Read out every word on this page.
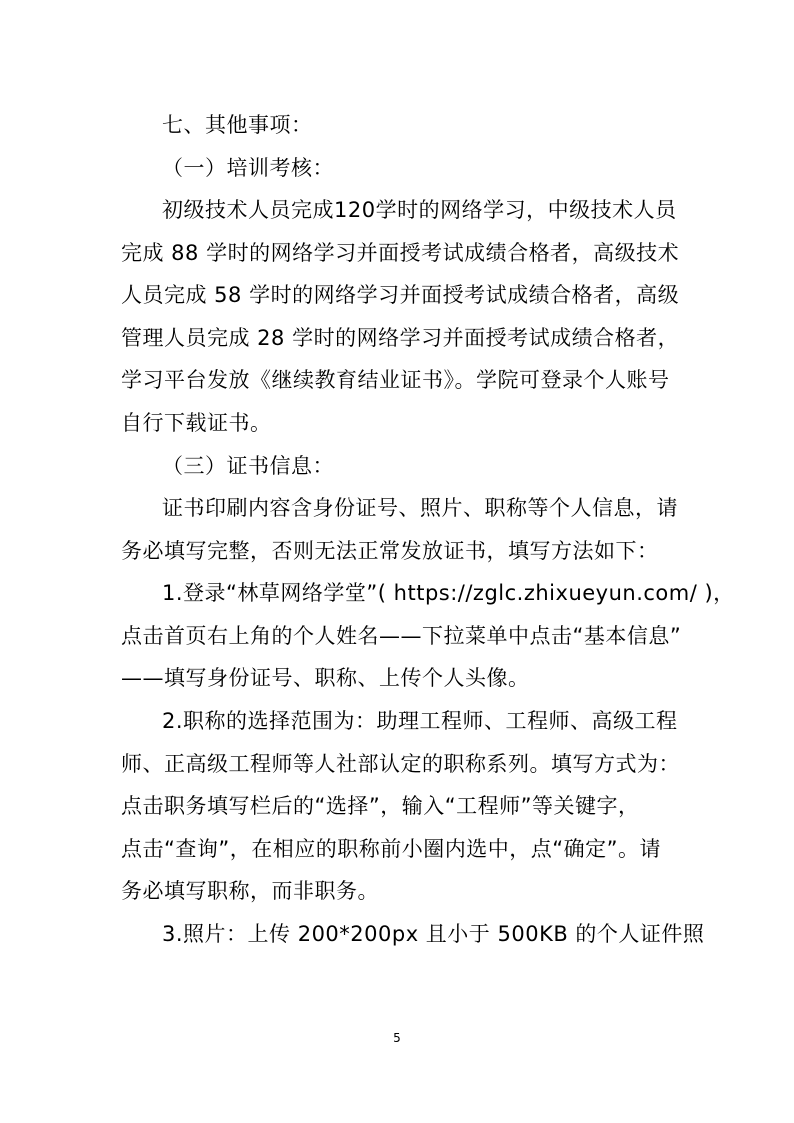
七、其他事项：
（一）培训考核：
初级技术人员完成120学时的网络学习，中级技术人员
完成 88 学时的网络学习并面授考试成绩合格者，高级技术
人员完成 58 学时的网络学习并面授考试成绩合格者，高级
管理人员完成 28 学时的网络学习并面授考试成绩合格者，
学习平台发放《继续教育结业证书》。学院可登录个人账号
自行下载证书。
（三）证书信息：
证书印刷内容含身份证号、照片、职称等个人信息，请
务必填写完整，否则无法正常发放证书，填写方法如下：
1.登录“林草网络学堂”( https://zglc.zhixueyun.com/ )，
点击首页右上角的个人姓名——下拉菜单中点击“基本信息”
——填写身份证号、职称、上传个人头像。
2.职称的选择范围为：助理工程师、工程师、高级工程
师、正高级工程师等人社部认定的职称系列。填写方式为：
点击职务填写栏后的“选择”，输入“工程师”等关键字，
点击“查询”，在相应的职称前小圈内选中，点“确定”。请
务必填写职称，而非职务。
3.照片：上传 200*200px 且小于 500KB 的个人证件照
5
